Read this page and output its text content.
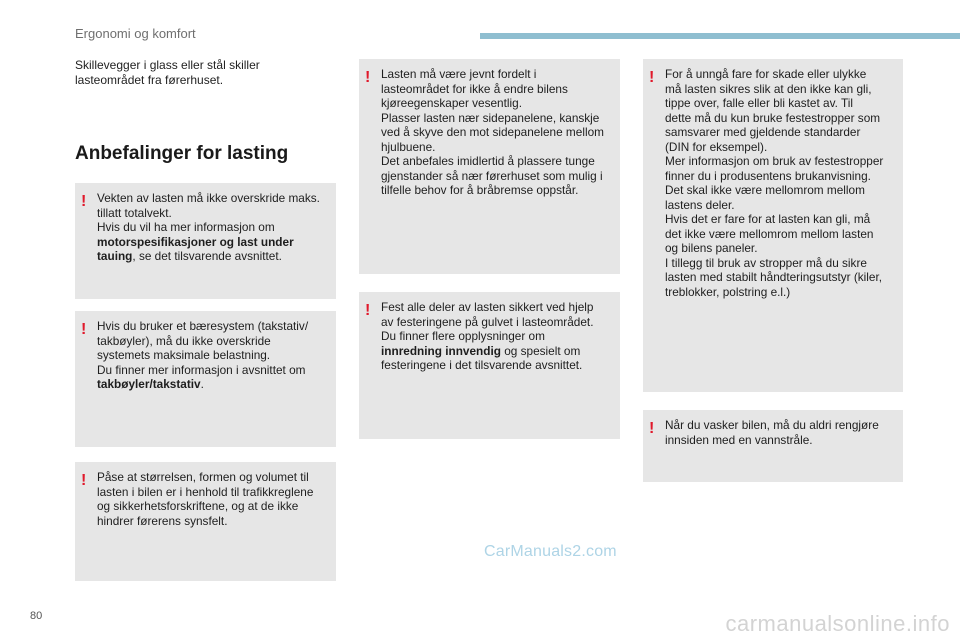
Ergonomi og komfort
Skillevegger i glass eller stål skiller
lasteområdet fra førerhuset.
Anbefalinger for lasting
! Vekten av lasten må ikke overskride maks.
tillatt totalvekt.
Hvis du vil ha mer informasjon om
motorspesifikasjoner og last under
tauing, se det tilsvarende avsnittet.
! Hvis du bruker et bæresystem (takstativ/
takbøyler), må du ikke overskride
systemets maksimale belastning.
Du finner mer informasjon i avsnittet om
takbøyler/takstativ.
! Påse at størrelsen, formen og volumet til
lasten i bilen er i henhold til trafikkreglene
og sikkerhetsforskriftene, og at de ikke
hindrer førerens synsfelt.
! Lasten må være jevnt fordelt i
lasteområdet for ikke å endre bilens
kjøreegenskaper vesentlig.
Plasser lasten nær sidepanelene, kanskje
ved å skyve den mot sidepanelene mellom
hjulbuene.
Det anbefales imidlertid å plassere tunge
gjenstander så nær førerhuset som mulig i
tilfelle behov for å bråbremse oppstår.
! Fest alle deler av lasten sikkert ved hjelp
av festeringene på gulvet i lasteområdet.
Du finner flere opplysninger om
innredning innvendig og spesielt om
festeringene i det tilsvarende avsnittet.
! For å unngå fare for skade eller ulykke
må lasten sikres slik at den ikke kan gli,
tippe over, falle eller bli kastet av. Til
dette må du kun bruke festestropper som
samsvarer med gjeldende standarder
(DIN for eksempel).
Mer informasjon om bruk av festestropper
finner du i produsentens brukanvisning.
Det skal ikke være mellomrom mellom
lastens deler.
Hvis det er fare for at lasten kan gli, må
det ikke være mellomrom mellom lasten
og bilens paneler.
I tillegg til bruk av stropper må du sikre
lasten med stabilt håndteringsutstyr (kiler,
treblokker, polstring e.l.)
! Når du vasker bilen, må du aldri rengjøre
innsiden med en vannstråle.
CarManuals2.com
80	carmanualsonline.info
